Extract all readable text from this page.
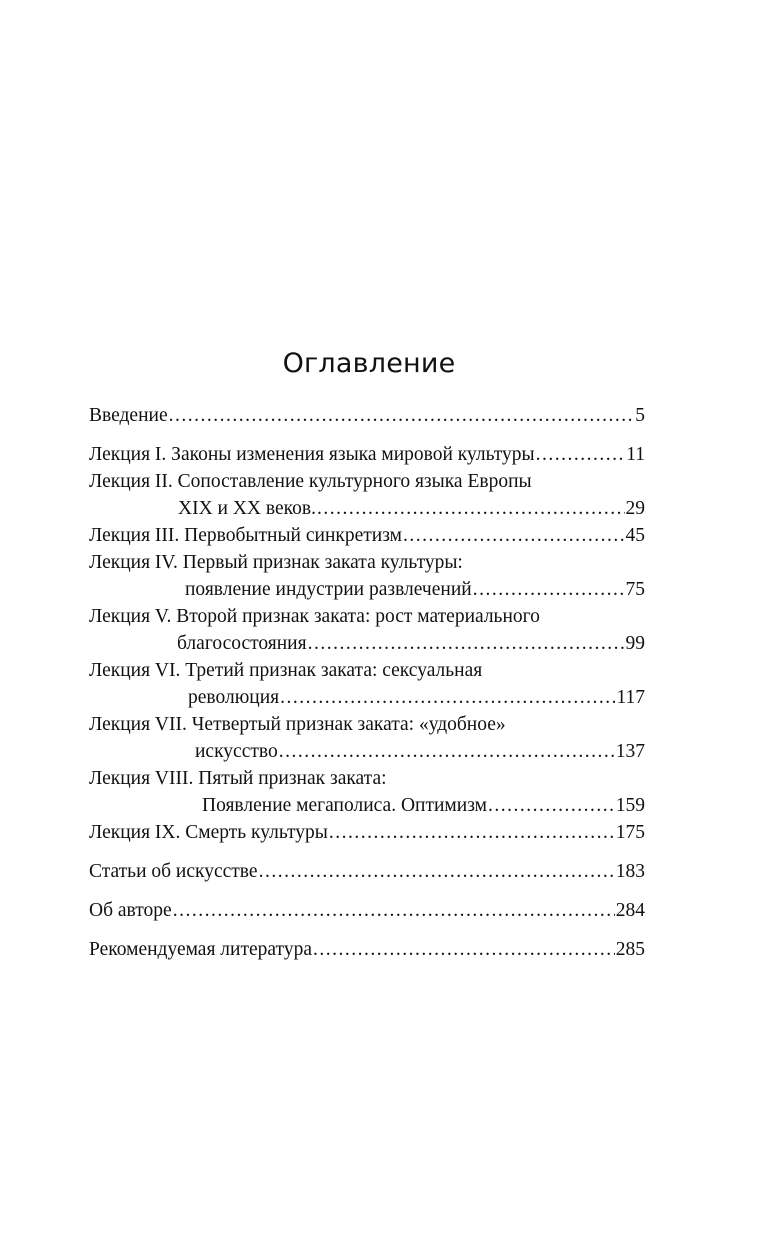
Оглавление
Введение .....	5
Лекция I. Законы изменения языка мировой культуры .....	11
Лекция II. Сопоставление культурного языка Европы
XIX и XX веков. .....	29
Лекция III. Первобытный синкретизм .....	45
Лекция IV. Первый признак заката культуры:
появление индустрии развлечений .....	75
Лекция V. Второй признак заката: рост материального
благосостояния .....	99
Лекция VI. Третий признак заката: сексуальная
революция .....	117
Лекция VII. Четвертый признак заката: «удобное»
искусство .....	137
Лекция VIII. Пятый признак заката:
Появление мегаполиса. Оптимизм .....	159
Лекция IX. Смерть культуры .....	175
Статьи об искусстве .....	183
Об авторе .....	284
Рекомендуемая литература .....	285
